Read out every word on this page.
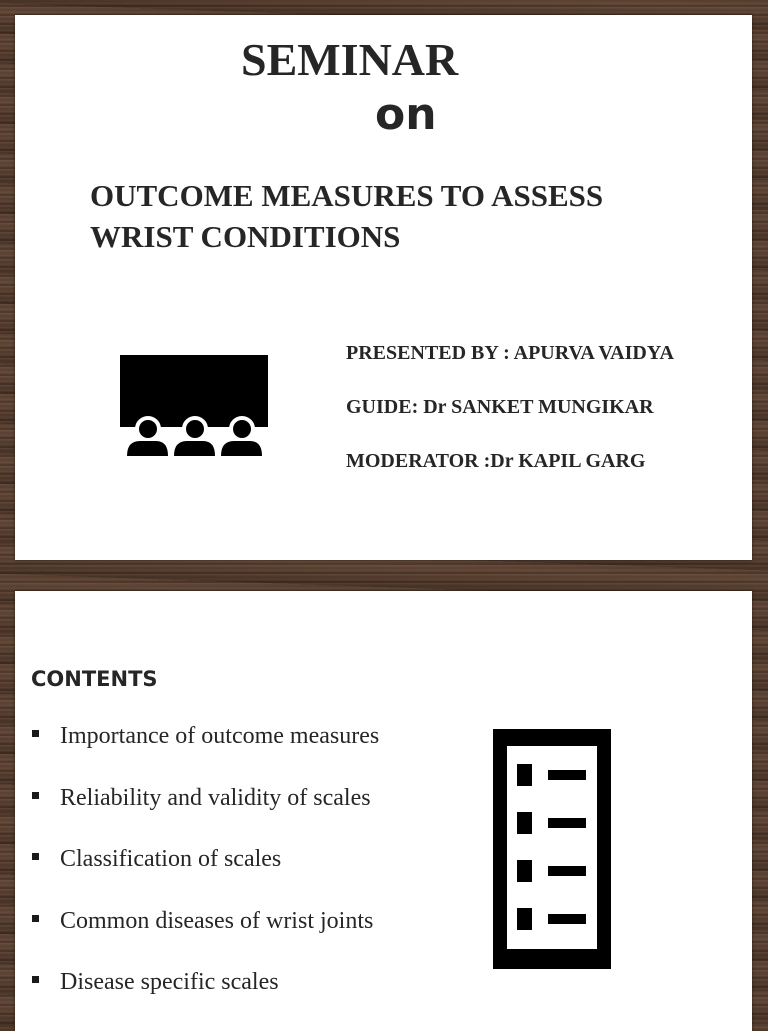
SEMINAR
on
OUTCOME MEASURES TO ASSESS
WRIST CONDITIONS
PRESENTED BY : APURVA VAIDYA
GUIDE: Dr SANKET MUNGIKAR
MODERATOR :Dr KAPIL GARG
CONTENTS
Importance of outcome measures
Reliability and validity of scales
Classification of scales
Common diseases of wrist joints
Disease specific scales
